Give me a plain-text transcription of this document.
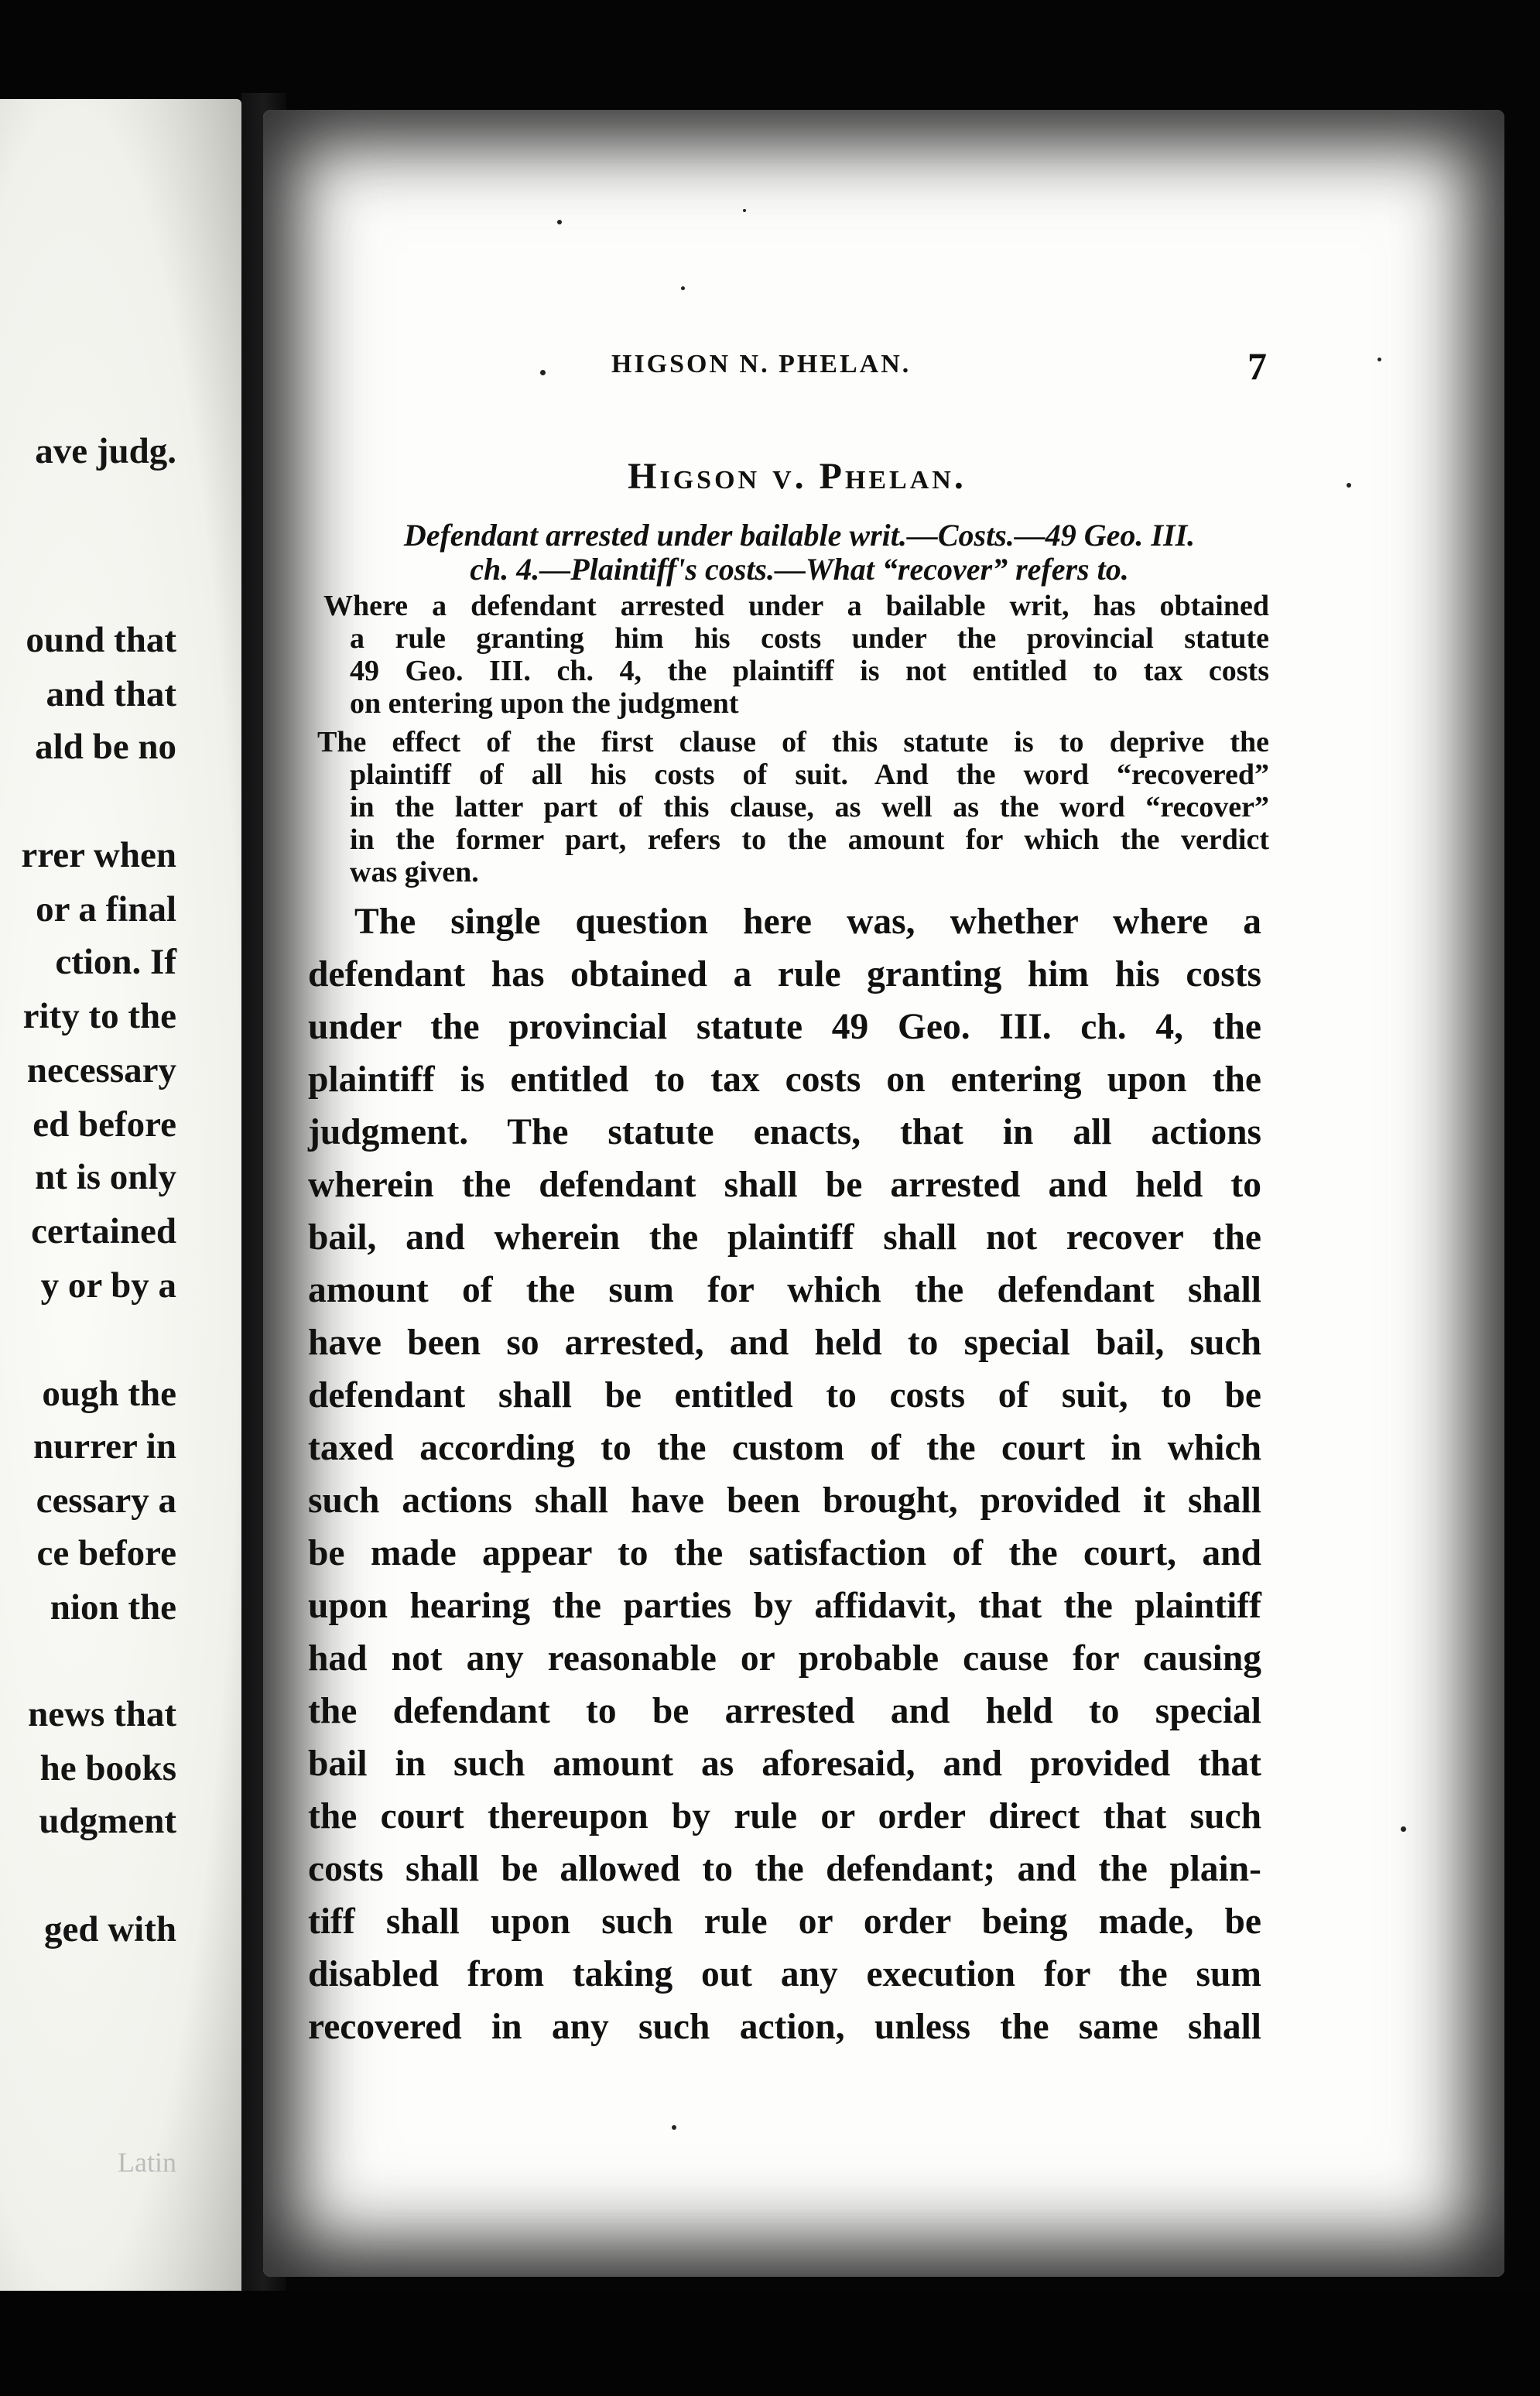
ave judg.
ound that
and that
ald be no
rrer when
or a final
ction. If
rity to the
necessary
ed before
nt is only
certained
y or by a
ough the
nurrer in
cessary a
ce before
nion the
news that
he books
udgment
ged with
Latin
HIGSON N. PHELAN.	7
Higson v. Phelan.
Defendant arrested under bailable writ.—Costs.—49 Geo. III.
ch. 4.—Plaintiff's costs.—What “recover” refers to.
Where a defendant arrested under a bailable writ, has obtained
a rule granting him his costs under the provincial statute
49 Geo. III. ch. 4, the plaintiff is not entitled to tax costs
on entering upon the judgment
The effect of the first clause of this statute is to deprive the
plaintiff of all his costs of suit. And the word “recovered”
in the latter part of this clause, as well as the word “recover”
in the former part, refers to the amount for which the verdict
was given.
The single question here was, whether where a
defendant has obtained a rule granting him his costs
under the provincial statute 49 Geo. III. ch. 4, the
plaintiff is entitled to tax costs on entering upon the
judgment. The statute enacts, that in all actions
wherein the defendant shall be arrested and held to
bail, and wherein the plaintiff shall not recover the
amount of the sum for which the defendant shall
have been so arrested, and held to special bail, such
defendant shall be entitled to costs of suit, to be
taxed according to the custom of the court in which
such actions shall have been brought, provided it shall
be made appear to the satisfaction of the court, and
upon hearing the parties by affidavit, that the plaintiff
had not any reasonable or probable cause for causing
the defendant to be arrested and held to special
bail in such amount as aforesaid, and provided that
the court thereupon by rule or order direct that such
costs shall be allowed to the defendant; and the plain-
tiff shall upon such rule or order being made, be
disabled from taking out any execution for the sum
recovered in any such action, unless the same shall
